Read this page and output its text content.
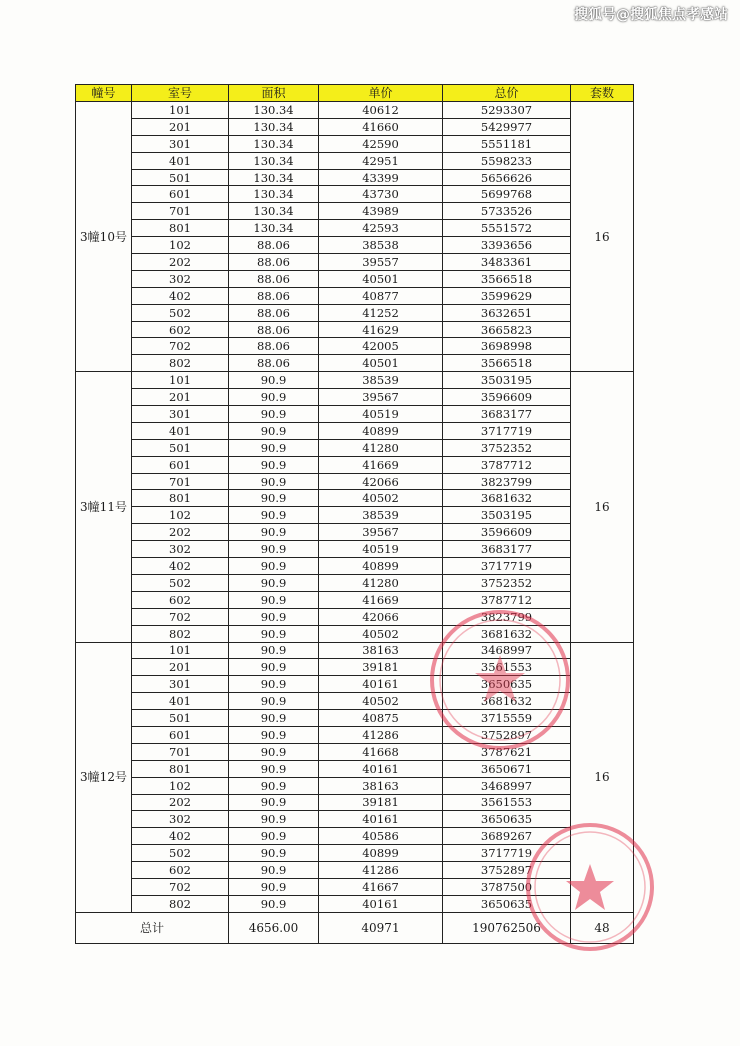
搜狐号@搜狐焦点孝感站
幢号	室号	面积	单价	总价	套数
3幢10号	101	130.34	40612	5293307	16
	201	130.34	41660	5429977	
	301	130.34	42590	5551181	
	401	130.34	42951	5598233	
	501	130.34	43399	5656626	
	601	130.34	43730	5699768	
	701	130.34	43989	5733526	
	801	130.34	42593	5551572	
	102	88.06	38538	3393656	
	202	88.06	39557	3483361	
	302	88.06	40501	3566518	
	402	88.06	40877	3599629	
	502	88.06	41252	3632651	
	602	88.06	41629	3665823	
	702	88.06	42005	3698998	
	802	88.06	40501	3566518	
3幢11号	101	90.9	38539	3503195	16
	201	90.9	39567	3596609	
	301	90.9	40519	3683177	
	401	90.9	40899	3717719	
	501	90.9	41280	3752352	
	601	90.9	41669	3787712	
	701	90.9	42066	3823799	
	801	90.9	40502	3681632	
	102	90.9	38539	3503195	
	202	90.9	39567	3596609	
	302	90.9	40519	3683177	
	402	90.9	40899	3717719	
	502	90.9	41280	3752352	
	602	90.9	41669	3787712	
	702	90.9	42066	3823799	
	802	90.9	40502	3681632	
3幢12号	101	90.9	38163	3468997	16
	201	90.9	39181	3561553	
	301	90.9	40161	3650635	
	401	90.9	40502	3681632	
	501	90.9	40875	3715559	
	601	90.9	41286	3752897	
	701	90.9	41668	3787621	
	801	90.9	40161	3650671	
	102	90.9	38163	3468997	
	202	90.9	39181	3561553	
	302	90.9	40161	3650635	
	402	90.9	40586	3689267	
	502	90.9	40899	3717719	
	602	90.9	41286	3752897	
	702	90.9	41667	3787500	
	802	90.9	40161	3650635	
总计		4656.00	40971	190762506	48
